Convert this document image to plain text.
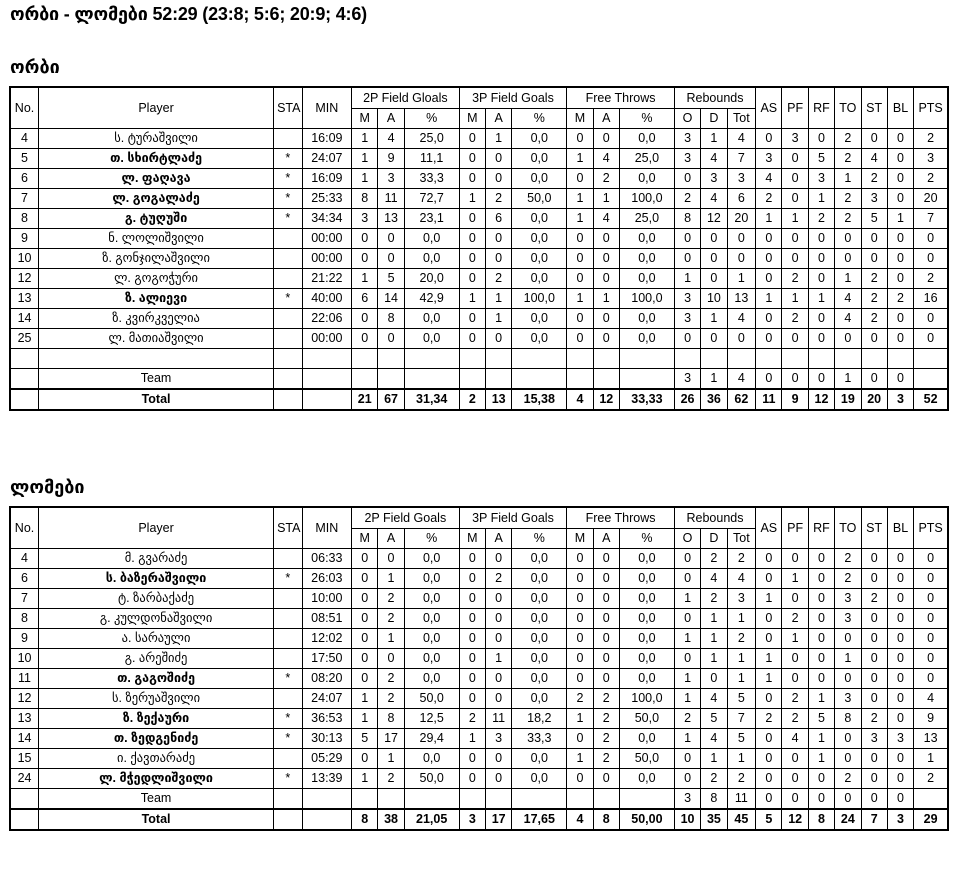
ორბი - ლომები 52:29 (23:8; 5:6; 20:9; 4:6)
ორბი
No.	Player	STA	MIN	2P Field Gloals			3P Field Goals			Free Throws			Rebounds			AS	PF	RF	TO	ST	BL	PTS
				M	A	%	M	A	%	M	A	%	O	D	Tot							
4	ს. ტურაშვილი		16:09	1	4	25,0	0	1	0,0	0	0	0,0	3	1	4	0	3	0	2	0	0	2
5	თ. სხირტლაძე	*	24:07	1	9	11,1	0	0	0,0	1	4	25,0	3	4	7	3	0	5	2	4	0	3
6	ლ. ფაღავა	*	16:09	1	3	33,3	0	0	0,0	0	2	0,0	0	3	3	4	0	3	1	2	0	2
7	ლ. გოგალაძე	*	25:33	8	11	72,7	1	2	50,0	1	1	100,0	2	4	6	2	0	1	2	3	0	20
8	გ. ტუღუში	*	34:34	3	13	23,1	0	6	0,0	1	4	25,0	8	12	20	1	1	2	2	5	1	7
9	ნ. ლოლიშვილი		00:00	0	0	0,0	0	0	0,0	0	0	0,0	0	0	0	0	0	0	0	0	0	0
10	ზ. გონჯილაშვილი		00:00	0	0	0,0	0	0	0,0	0	0	0,0	0	0	0	0	0	0	0	0	0	0
12	ლ. გოგოჭური		21:22	1	5	20,0	0	2	0,0	0	0	0,0	1	0	1	0	2	0	1	2	0	2
13	ზ. ალიევი	*	40:00	6	14	42,9	1	1	100,0	1	1	100,0	3	10	13	1	1	1	4	2	2	16
14	ზ. კვირკველია		22:06	0	8	0,0	0	1	0,0	0	0	0,0	3	1	4	0	2	0	4	2	0	0
25	ლ. მათიაშვილი		00:00	0	0	0,0	0	0	0,0	0	0	0,0	0	0	0	0	0	0	0	0	0	0

	Team												3	1	4	0	0	0	1	0	0	
	Total			21	67	31,34	2	13	15,38	4	12	33,33	26	36	62	11	9	12	19	20	3	52
ლომები
No.	Player	STA	MIN	2P Field Goals			3P Field Goals			Free Throws			Rebounds			AS	PF	RF	TO	ST	BL	PTS
				M	A	%	M	A	%	M	A	%	O	D	Tot							
4	მ. გვარაძე		06:33	0	0	0,0	0	0	0,0	0	0	0,0	0	2	2	0	0	0	2	0	0	0
6	ს. ბაზერაშვილი	*	26:03	0	1	0,0	0	2	0,0	0	0	0,0	0	4	4	0	1	0	2	0	0	0
7	ტ. ზარბაქაძე		10:00	0	2	0,0	0	0	0,0	0	0	0,0	1	2	3	1	0	0	3	2	0	0
8	გ. კულდონაშვილი		08:51	0	2	0,0	0	0	0,0	0	0	0,0	0	1	1	0	2	0	3	0	0	0
9	ა. სარაული		12:02	0	1	0,0	0	0	0,0	0	0	0,0	1	1	2	0	1	0	0	0	0	0
10	გ. არეშიძე		17:50	0	0	0,0	0	1	0,0	0	0	0,0	0	1	1	1	0	0	1	0	0	0
11	თ. გაგოშიძე	*	08:20	0	2	0,0	0	0	0,0	0	0	0,0	1	0	1	1	0	0	0	0	0	0
12	ს. ზერუაშვილი		24:07	1	2	50,0	0	0	0,0	2	2	100,0	1	4	5	0	2	1	3	0	0	4
13	ზ. ზექაური	*	36:53	1	8	12,5	2	11	18,2	1	2	50,0	2	5	7	2	2	5	8	2	0	9
14	თ. ზედგენიძე	*	30:13	5	17	29,4	1	3	33,3	0	2	0,0	1	4	5	0	4	1	0	3	3	13
15	ი. ქავთარაძე		05:29	0	1	0,0	0	0	0,0	1	2	50,0	0	1	1	0	0	1	0	0	0	1
24	ლ. მჭედლიშვილი	*	13:39	1	2	50,0	0	0	0,0	0	0	0,0	0	2	2	0	0	0	2	0	0	2
	Team												3	8	11	0	0	0	0	0	0	
	Total			8	38	21,05	3	17	17,65	4	8	50,00	10	35	45	5	12	8	24	7	3	29
